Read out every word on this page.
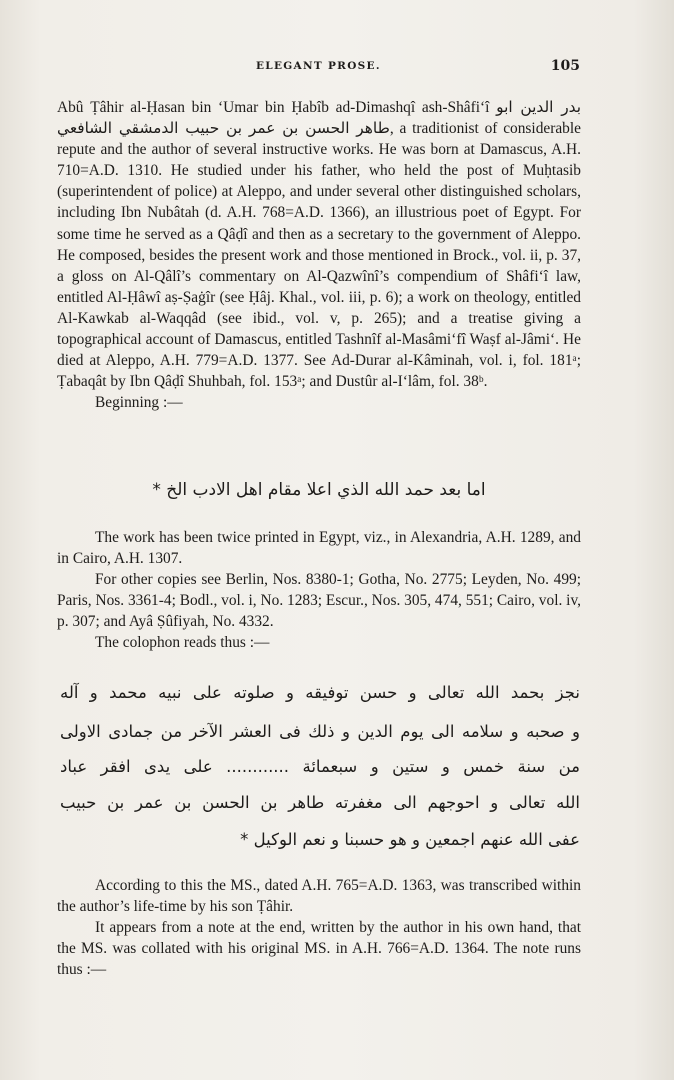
ELEGANT PROSE.	105

Abû Ṭâhir al-Ḥasan bin ‘Umar bin Ḥabîb ad-Dimashqî ash-Shâfi‘î بدر الدين ابو طاهر الحسن بن عمر بن حبيب الدمشقي الشافعي, a traditionist of considerable repute and the author of several instructive works. He was born at Damascus, A.H. 710=A.D. 1310. He studied under his father, who held the post of Muḥtasib (superintendent of police) at Aleppo, and under several other distinguished scholars, including Ibn Nubâtah (d. A.H. 768=A.D. 1366), an illustrious poet of Egypt. For some time he served as a Qâḍî and then as a secretary to the government of Aleppo. He composed, besides the present work and those mentioned in Brock., vol. ii, p. 37, a gloss on Al-Qâlî’s commentary on Al-Qazwînî’s compendium of Shâfi‘î law, entitled Al-Ḥâwî aṣ-Ṣaġîr (see Ḥâj. Khal., vol. iii, p. 6); a work on theology, entitled Al-Kawkab al-Waqqâd (see ibid., vol. v, p. 265); and a treatise giving a topographical account of Damascus, entitled Tashnîf al-Masâmi‘fî Waṣf al-Jâmi‘. He died at Aleppo, A.H. 779=A.D. 1377. See Ad-Durar al-Kâminah, vol. i, fol. 181ᵃ; Ṭabaqât by Ibn Qâḍî Shuhbah, fol. 153ᵃ; and Dustûr al-I‘lâm, fol. 38ᵇ.

Beginning :—

اما بعد حمد الله الذي اعلا مقام اهل الادب الخ *

The work has been twice printed in Egypt, viz., in Alexandria, A.H. 1289, and in Cairo, A.H. 1307.

For other copies see Berlin, Nos. 8380-1; Gotha, No. 2775; Leyden, No. 499; Paris, Nos. 3361-4; Bodl., vol. i, No. 1283; Escur., Nos. 305, 474, 551; Cairo, vol. iv, p. 307; and Ayâ Ṣûfiyah, No. 4332.

The colophon reads thus :—

نجز بحمد الله تعالى و حسن توفيقه و صلوته على نبيه محمد و آله
و صحبه و سلامه الى يوم الدين و ذلك فى العشر الآخر من جمادى الاولى
من سنة خمس و ستين و سبعمائة ............ على يدى افقر عباد
الله تعالى و احوجهم الى مغفرته طاهر بن الحسن بن عمر بن حبيب
عفى الله عنهم اجمعين و هو حسبنا و نعم الوكيل *

According to this the MS., dated A.H. 765=A.D. 1363, was transcribed within the author’s life-time by his son Ṭâhir.

It appears from a note at the end, written by the author in his own hand, that the MS. was collated with his original MS. in A.H. 766=A.D. 1364. The note runs thus :—
